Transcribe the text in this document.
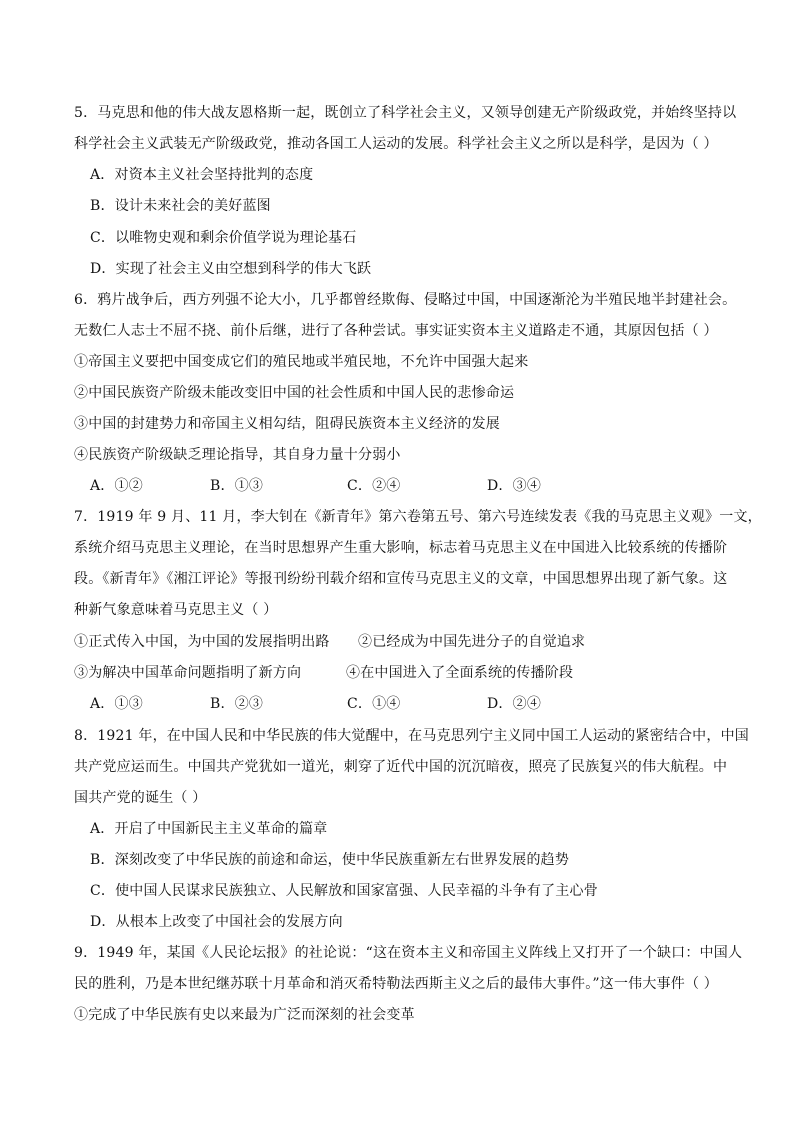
5．马克思和他的伟大战友恩格斯一起，既创立了科学社会主义，又领导创建无产阶级政党，并始终坚持以
科学社会主义武装无产阶级政党，推动各国工人运动的发展。科学社会主义之所以是科学，是因为（ ）
A．对资本主义社会坚持批判的态度
B．设计未来社会的美好蓝图
C．以唯物史观和剩余价值学说为理论基石
D．实现了社会主义由空想到科学的伟大飞跃
6．鸦片战争后，西方列强不论大小，几乎都曾经欺侮、侵略过中国，中国逐渐沦为半殖民地半封建社会。
无数仁人志士不屈不挠、前仆后继，进行了各种尝试。事实证实资本主义道路走不通，其原因包括（ ）
①帝国主义要把中国变成它们的殖民地或半殖民地，不允许中国强大起来
②中国民族资产阶级未能改变旧中国的社会性质和中国人民的悲惨命运
③中国的封建势力和帝国主义相勾结，阻碍民族资本主义经济的发展
④民族资产阶级缺乏理论指导，其自身力量十分弱小
A．①②	B．①③	C．②④	D．③④
7．1919 年 9 月、11 月，李大钊在《新青年》第六卷第五号、第六号连续发表《我的马克思主义观》一文，
系统介绍马克思主义理论，在当时思想界产生重大影响，标志着马克思主义在中国进入比较系统的传播阶
段。《新青年》《湘江评论》等报刊纷纷刊载介绍和宣传马克思主义的文章，中国思想界出现了新气象。这
种新气象意味着马克思主义（ ）
①正式传入中国，为中国的发展指明出路 ②已经成为中国先进分子的自觉追求
③为解决中国革命问题指明了新方向	④在中国进入了全面系统的传播阶段
A．①③	B．②③	C．①④	D．②④
8．1921 年，在中国人民和中华民族的伟大觉醒中，在马克思列宁主义同中国工人运动的紧密结合中，中国
共产党应运而生。中国共产党犹如一道光，刺穿了近代中国的沉沉暗夜，照亮了民族复兴的伟大航程。中
国共产党的诞生（ ）
A．开启了中国新民主主义革命的篇章
B．深刻改变了中华民族的前途和命运，使中华民族重新左右世界发展的趋势
C．使中国人民谋求民族独立、人民解放和国家富强、人民幸福的斗争有了主心骨
D．从根本上改变了中国社会的发展方向
9．1949 年，某国《人民论坛报》的社论说：“这在资本主义和帝国主义阵线上又打开了一个缺口：中国人
民的胜利，乃是本世纪继苏联十月革命和消灭希特勒法西斯主义之后的最伟大事件。”这一伟大事件（ ）
①完成了中华民族有史以来最为广泛而深刻的社会变革
